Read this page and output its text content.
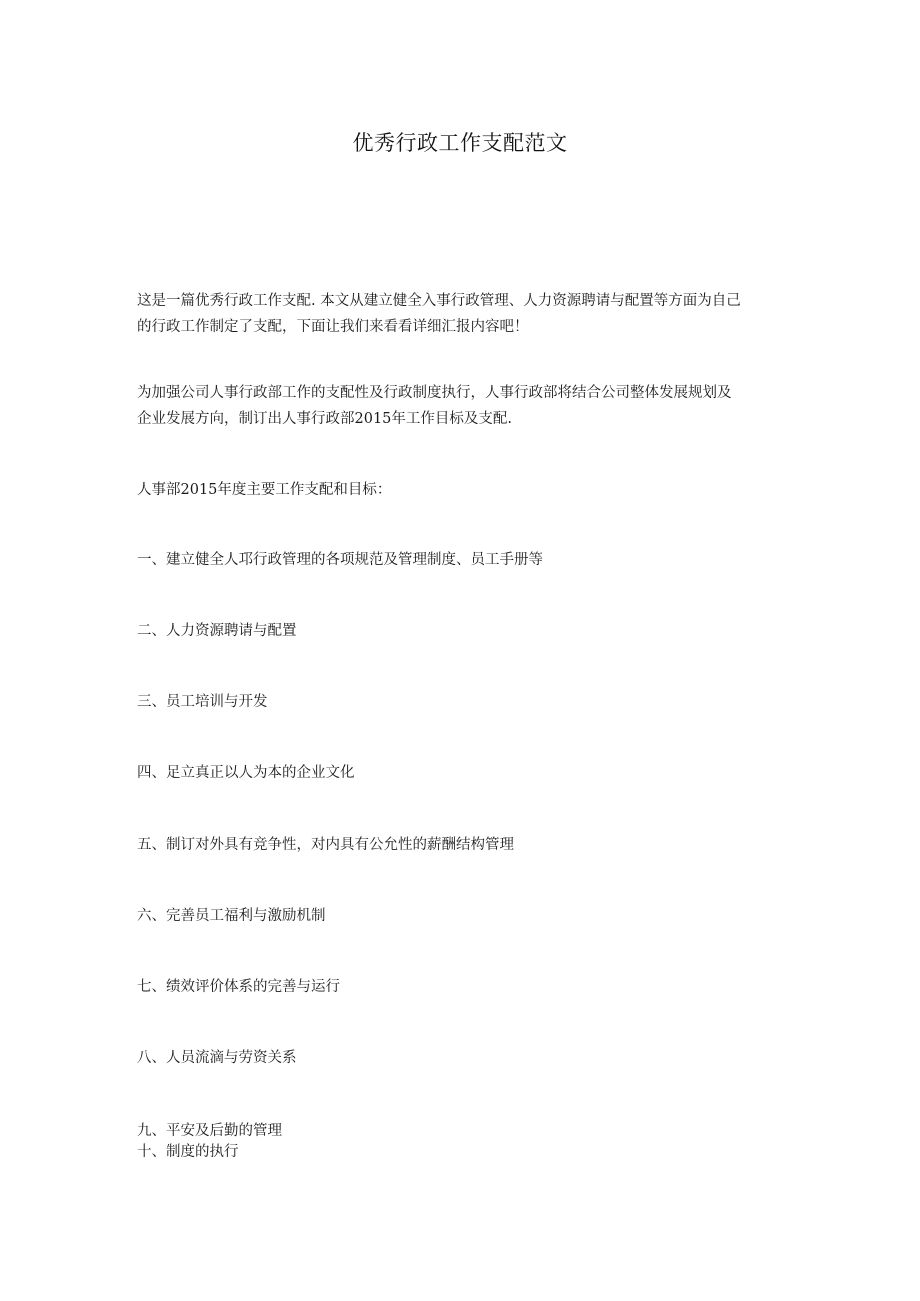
优秀行政工作支配范文

这是一篇优秀行政工作支配. 本文从建立健全入事行政管理、人力资源聘请与配置等方面为自己
的行政工作制定了支配，下面让我们来看看详细汇报内容吧！

为加强公司人事行政部工作的支配性及行政制度执行，人事行政部将结合公司整体发展规划及
企业发展方向，制订出人事行政部2015年工作目标及支配.

人事部2015年度主要工作支配和目标：

一、建立健全人邛行政管理的各项规范及管理制度、员工手册等

二、人力资源聘请与配置

三、员工培训与开发

四、足立真正以人为本的企业文化

五、制订对外具有竞争性，对内具有公允性的薪酬结构管理

六、完善员工福利与激励机制

七、绩效评价体系的完善与运行

八、人员流滴与劳资关系

九、平安及后勤的管理

十、制度的执行
